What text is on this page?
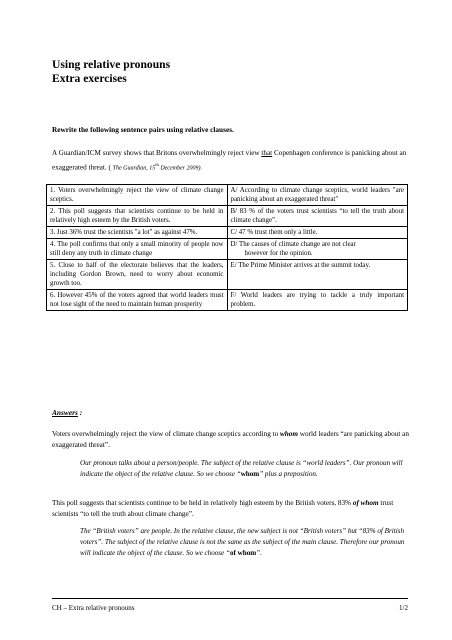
Using relative pronouns
Extra exercises
Rewrite the following sentence pairs using relative clauses.
A Guardian/ICM survey shows that Britons overwhelmingly reject view that Copenhagen conference is panicking about an exaggerated threat. ( The Guardian, 15th December 2009).
1. Voters overwhelmingly reject the view of climate change sceptics.	A/ According to climate change sceptics, world leaders "are panicking about an exaggerated threat"
2. This poll suggests that scientists continue to be held in relatively high esteem by the British voters.	B/ 83 % of the voters trust scientists “to tell the truth about climate change”.
3. Just 36% trust the scientists "a lot" as against 47%.	C/ 47 % trust them only a little.
4. The poll confirms that only a small minority of people now still deny any truth in climate change	D/ The causes of climate change are not clear
however for the opinion.
5. Close to half of the electorate believes that the leaders, including Gordon Brown, need to worry about economic growth too.	E/ The Prime Minister arrives at the summit today.
6. However 45% of the voters agreed that world leaders must not lose sight of the need to maintain human prosperity	F/ World leaders are trying to tackle a truly important problem.
Answers :
Voters overwhelmingly reject the view of climate change sceptics according to whom world leaders “are panicking about an exaggerated threat”.
Our pronoun talks about a person/people. The subject of the relative clause is “world leaders”. Our pronoun will indicate the object of the relative clause. So we choose “whom” plus a preposition.
This poll suggests that scientists continue to be held in relatively high esteem by the British voters, 83% of whom trust scientists “to tell the truth about climate change”.
The “British voters” are people. In the relative clause, the new subject is not “British voters” but “83% of British voters”. The subject of the relative clause is not the same as the subject of the main clause. Therefore our pronoun will indicate the object of the clause. So we choose “of whom”.
CH – Extra relative pronouns	1/2
